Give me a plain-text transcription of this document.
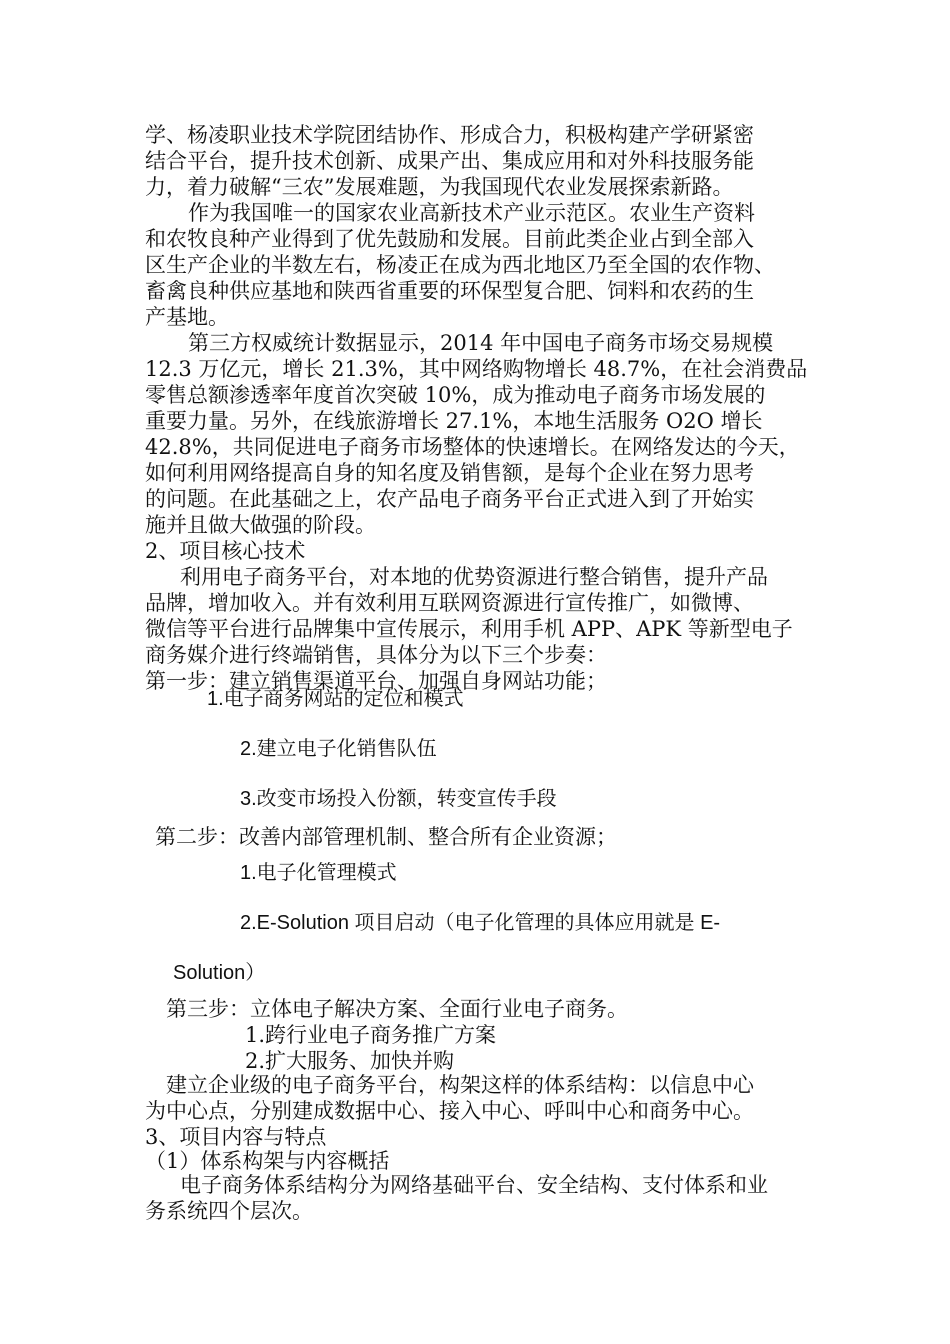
学、杨凌职业技术学院团结协作、形成合力，积极构建产学研紧密
结合平台，提升技术创新、成果产出、集成应用和对外科技服务能
力，着力破解“三农”发展难题，为我国现代农业发展探索新路。
作为我国唯一的国家农业高新技术产业示范区。农业生产资料
和农牧良种产业得到了优先鼓励和发展。目前此类企业占到全部入
区生产企业的半数左右，杨凌正在成为西北地区乃至全国的农作物、
畜禽良种供应基地和陕西省重要的环保型复合肥、饲料和农药的生
产基地。
第三方权威统计数据显示，2014 年中国电子商务市场交易规模
12.3 万亿元，增长 21.3%，其中网络购物增长 48.7%，在社会消费品
零售总额渗透率年度首次突破 10%，成为推动电子商务市场发展的
重要力量。另外，在线旅游增长 27.1%，本地生活服务 O2O 增长
42.8%，共同促进电子商务市场整体的快速增长。在网络发达的今天，
如何利用网络提高自身的知名度及销售额，是每个企业在努力思考
的问题。在此基础之上，农产品电子商务平台正式进入到了开始实
施并且做大做强的阶段。
2、项目核心技术
利用电子商务平台，对本地的优势资源进行整合销售，提升产品
品牌，增加收入。并有效利用互联网资源进行宣传推广，如微博、
微信等平台进行品牌集中宣传展示，利用手机 APP、APK 等新型电子
商务媒介进行终端销售，具体分为以下三个步奏：
第一步：建立销售渠道平台、加强自身网站功能；
1.电子商务网站的定位和模式
2.建立电子化销售队伍
3.改变市场投入份额，转变宣传手段
第二步：改善内部管理机制、整合所有企业资源；
1.电子化管理模式
2.E-Solution 项目启动（电子化管理的具体应用就是 E-
Solution）
第三步：立体电子解决方案、全面行业电子商务。
1.跨行业电子商务推广方案
2.扩大服务、加快并购
建立企业级的电子商务平台，构架这样的体系结构：以信息中心
为中心点，分别建成数据中心、接入中心、呼叫中心和商务中心。
3、项目内容与特点
（1）体系构架与内容概括
电子商务体系结构分为网络基础平台、安全结构、支付体系和业
务系统四个层次。
